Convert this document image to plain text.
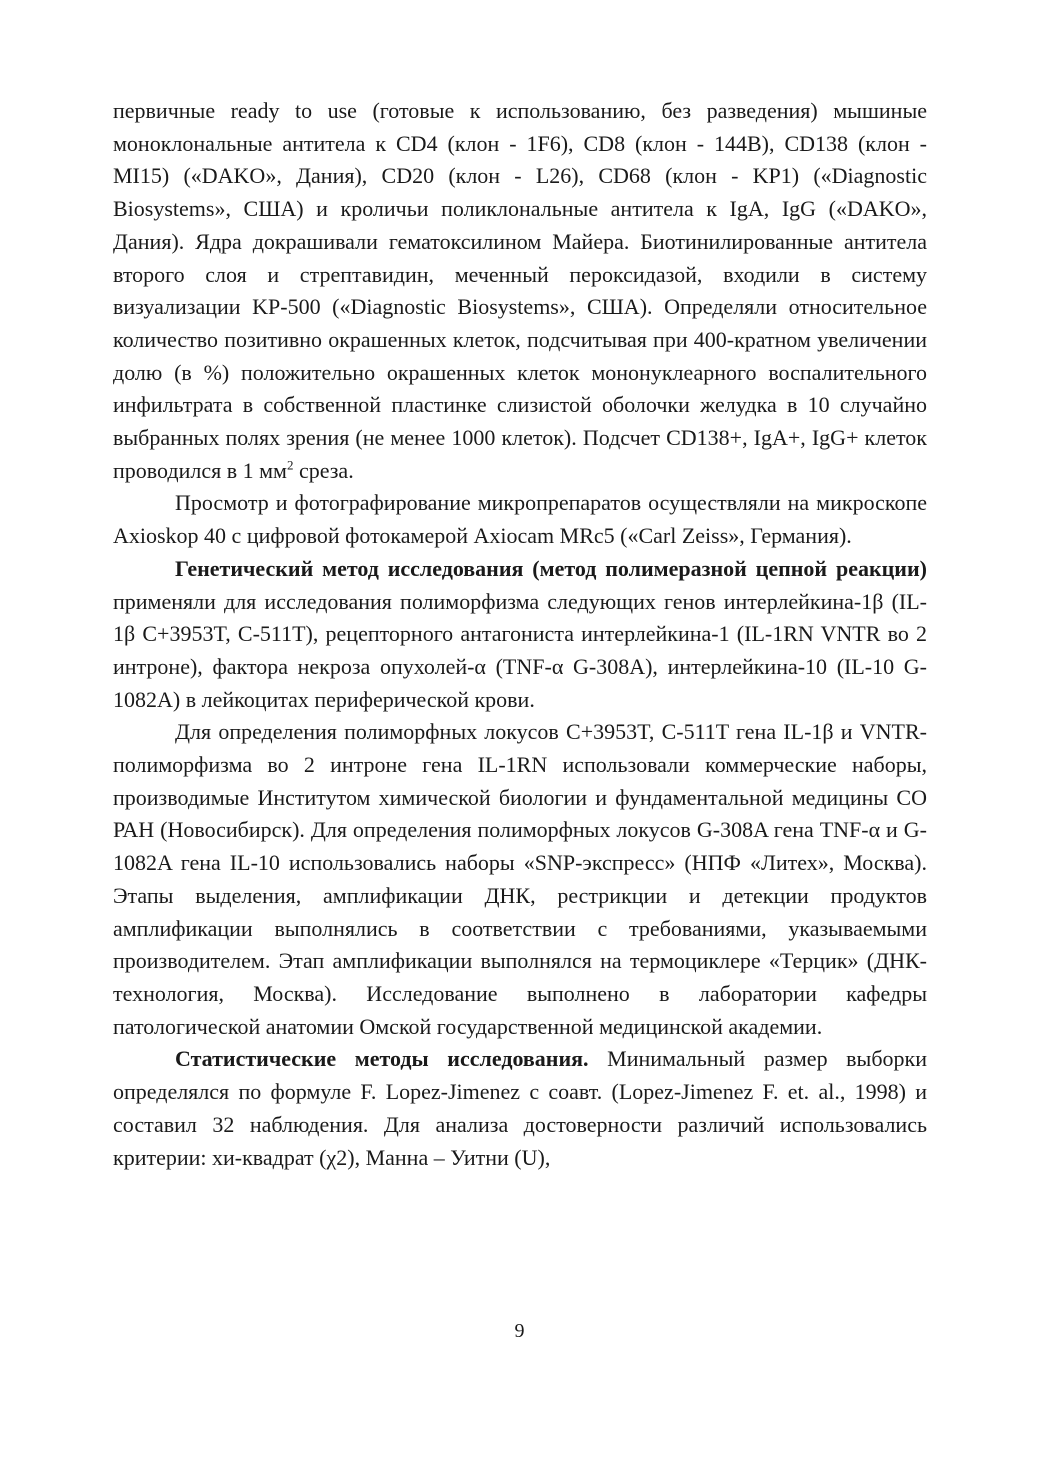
первичные ready to use (готовые к использованию, без разведения) мышиные моноклональные антитела к CD4 (клон - 1F6), CD8 (клон - 144B), CD138 (клон - MI15) («DAKO», Дания), CD20 (клон - L26), CD68 (клон - KP1) («Diagnostic Biosystems», США) и кроличьи поликлональные антитела к IgA, IgG («DAKO», Дания). Ядра докрашивали гематоксилином Майера. Биотинилированные антитела второго слоя и стрептавидин, меченный пероксидазой, входили в систему визуализации KP-500 («Diagnostic Biosystems», США). Определяли относительное количество позитивно окрашенных клеток, подсчитывая при 400-кратном увеличении долю (в %) положительно окрашенных клеток мононуклеарного воспалительного инфильтрата в собственной пластинке слизистой оболочки желудка в 10 случайно выбранных полях зрения (не менее 1000 клеток). Подсчет CD138+, IgA+, IgG+ клеток проводился в 1 $мм^2$ среза.

Просмотр и фотографирование микропрепаратов осуществляли на микроскопе Axioskop 40 с цифровой фотокамерой Axiocam MRc5 («Carl Zeiss», Германия).

Генетический метод исследования (метод полимеразной цепной реакции) применяли для исследования полиморфизма следующих генов интерлейкина-1β (IL-1β C+3953T, C-511T), рецепторного антагониста интерлейкина-1 (IL-1RN VNTR во 2 интроне), фактора некроза опухолей-α (TNF-α G-308A), интерлейкина-10 (IL-10 G-1082A) в лейкоцитах периферической крови.

Для определения полиморфных локусов C+3953T, C-511T гена IL-1β и VNTR-полиморфизма во 2 интроне гена IL-1RN использовали коммерческие наборы, производимые Институтом химической биологии и фундаментальной медицины СО РАН (Новосибирск). Для определения полиморфных локусов G-308A гена TNF-α и G-1082A гена IL-10 использовались наборы «SNP-экспресс» (НПФ «Литех», Москва). Этапы выделения, амплификации ДНК, рестрикции и детекции продуктов амплификации выполнялись в соответствии с требованиями, указываемыми производителем. Этап амплификации выполнялся на термоциклере «Терцик» (ДНК-технология, Москва). Исследование выполнено в лаборатории кафедры патологической анатомии Омской государственной медицинской академии.

Статистические методы исследования. Минимальный размер выборки определялся по формуле F. Lopez-Jimenez с соавт. (Lopez-Jimenez F. et. al., 1998) и составил 32 наблюдения. Для анализа достоверности различий использовались критерии: хи-квадрат (χ2), Манна – Уитни (U),

9
